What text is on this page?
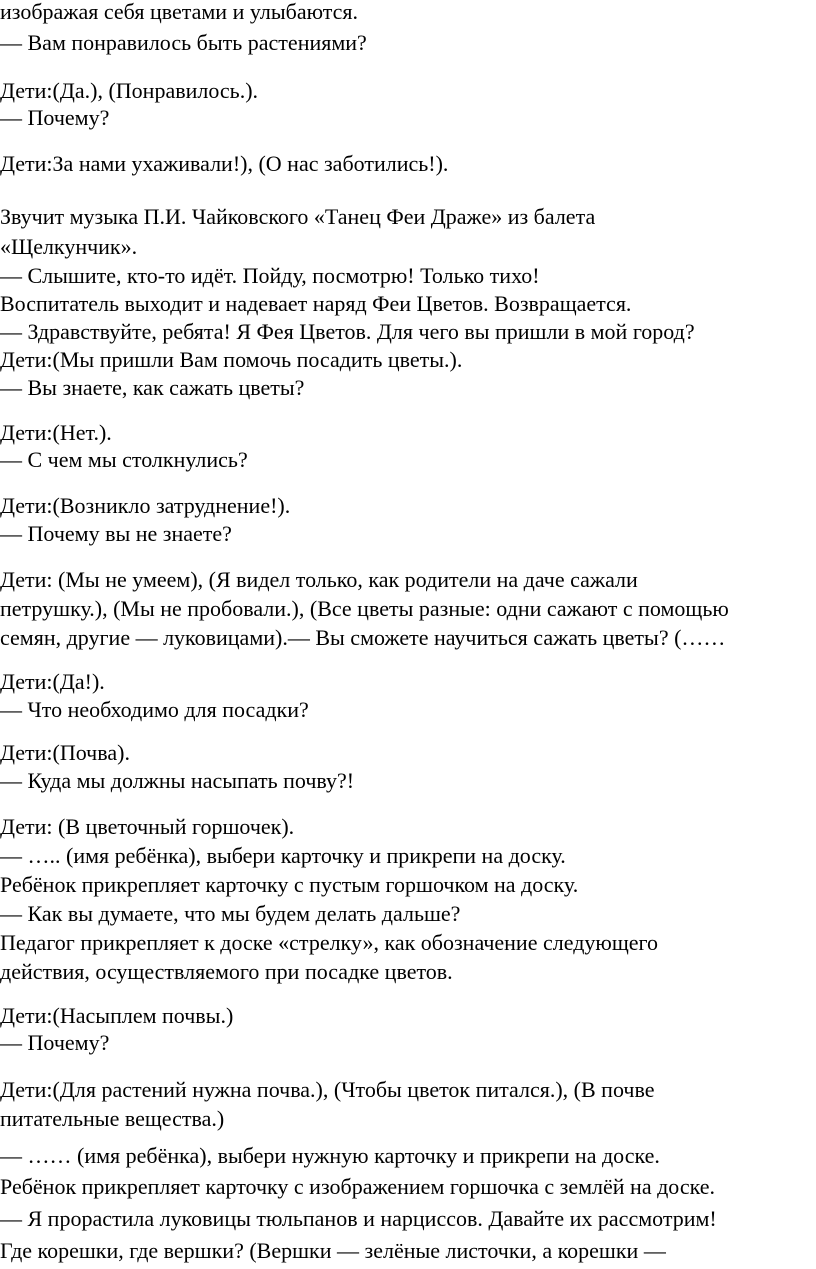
изображая себя цветами и улыбаются.

— Вам понравилось быть растениями?

Дети:(Да.), (Понравилось.).

— Почему?

Дети:За нами ухаживали!), (О нас заботились!).

Звучит музыка П.И. Чайковского «Танец Феи Драже» из балета

«Щелкунчик».

— Слышите, кто-то идёт. Пойду, посмотрю! Только тихо!

Воспитатель выходит и надевает наряд Феи Цветов. Возвращается.

— Здравствуйте, ребята! Я Фея Цветов. Для чего вы пришли в мой город?

Дети:(Мы пришли Вам помочь посадить цветы.).

— Вы знаете, как сажать цветы?

Дети:(Нет.).

— С чем мы столкнулись?

Дети:(Возникло затруднение!).

— Почему вы не знаете?

Дети: (Мы не умеем), (Я видел только, как родители на даче сажали

петрушку.), (Мы не пробовали.), (Все цветы разные: одни сажают с помощью

семян, другие — луковицами).— Вы сможете научиться сажать цветы? (……

Дети:(Да!).

— Что необходимо для посадки?

Дети:(Почва).

— Куда мы должны насыпать почву?!

Дети: (В цветочный горшочек).

— ….. (имя ребёнка), выбери карточку и прикрепи на доску.

Ребёнок прикрепляет карточку с пустым горшочком на доску.

— Как вы думаете, что мы будем делать дальше?

Педагог прикрепляет к доске «стрелку», как обозначение следующего

действия, осуществляемого при посадке цветов.

Дети:(Насыплем почвы.)

— Почему?

Дети:(Для растений нужна почва.), (Чтобы цветок питался.), (В почве

питательные вещества.)

— …… (имя ребёнка), выбери нужную карточку и прикрепи на доске.

Ребёнок прикрепляет карточку с изображением горшочка с землёй на доске.

— Я прорастила луковицы тюльпанов и нарциссов. Давайте их рассмотрим!

Где корешки, где вершки? (Вершки — зелёные листочки, а корешки —
